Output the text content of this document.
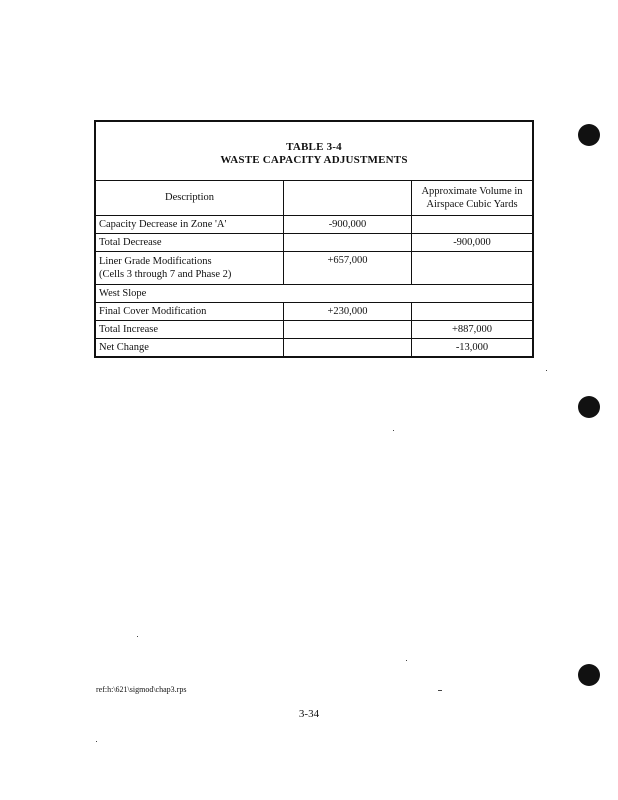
TABLE 3-4
WASTE CAPACITY ADJUSTMENTS
Description		Approximate Volume in
Airspace Cubic Yards

Capacity Decrease in Zone 'A'	-900,000	
Total Decrease		-900,000

Liner Grade Modifications
(Cells 3 through 7 and Phase 2)	+657,000	
West Slope		
Final Cover Modification	+230,000	
Total Increase		+887,000
Net Change		-13,000
ref:h:\621\sigmod\chap3.rps
3-34
